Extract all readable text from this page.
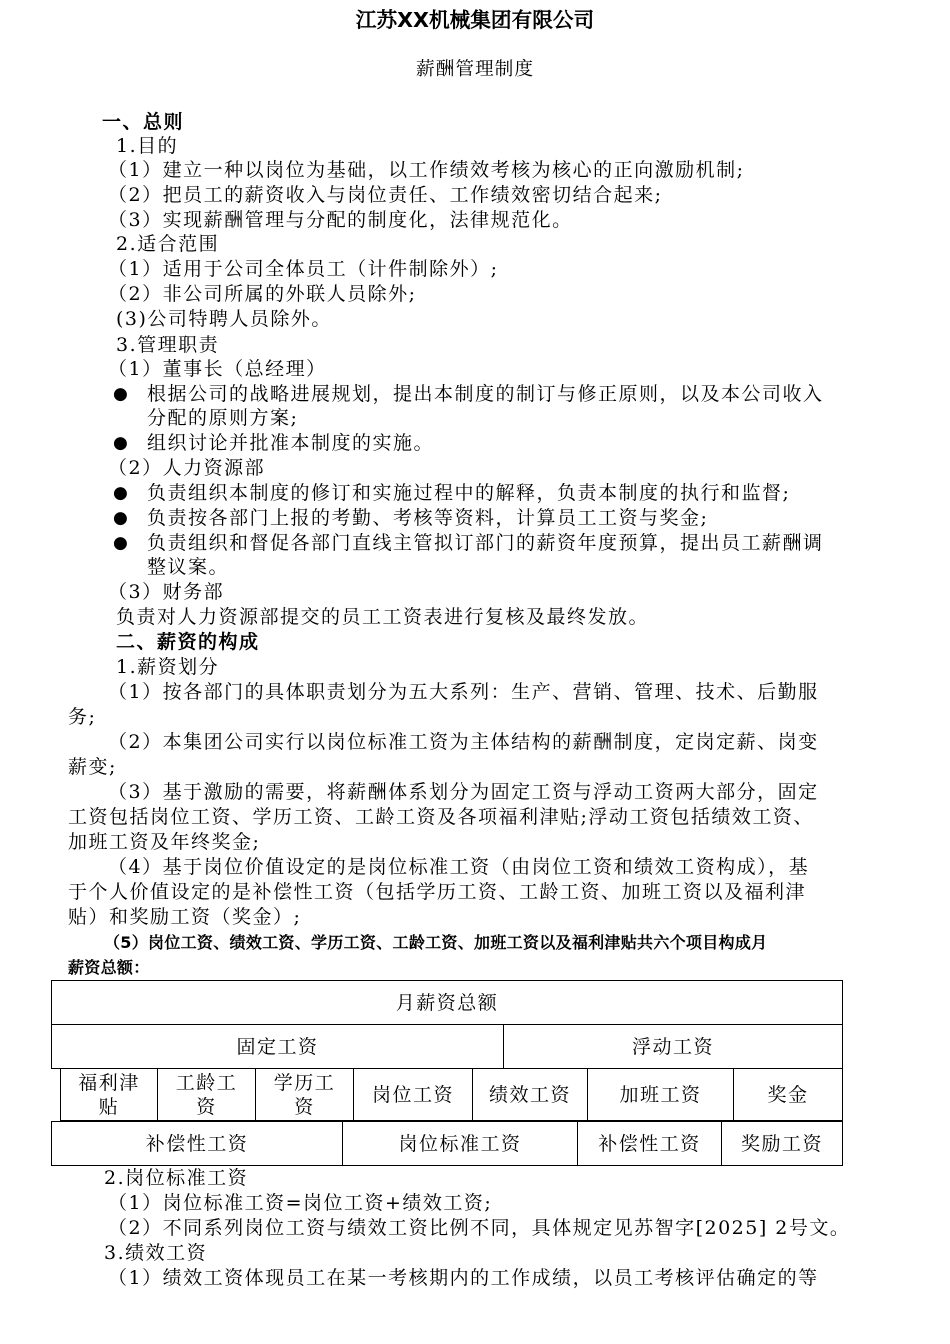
江苏XX机械集团有限公司
薪酬管理制度
一、总则
1.目的
（1）建立一种以岗位为基础，以工作绩效考核为核心的正向激励机制;
（2）把员工的薪资收入与岗位责任、工作绩效密切结合起来;
（3）实现薪酬管理与分配的制度化，法律规范化。
2.适合范围
（1）适用于公司全体员工（计件制除外）;
（2）非公司所属的外联人员除外;
(3)公司特聘人员除外。
3.管理职责
（1）董事长（总经理）
● 根据公司的战略进展规划，提出本制度的制订与修正原则，以及本公司收入
分配的原则方案;
● 组织讨论并批准本制度的实施。
（2）人力资源部
● 负责组织本制度的修订和实施过程中的解释，负责本制度的执行和监督;
● 负责按各部门上报的考勤、考核等资料，计算员工工资与奖金;
● 负责组织和督促各部门直线主管拟订部门的薪资年度预算，提出员工薪酬调
整议案。
（3）财务部
负责对人力资源部提交的员工工资表进行复核及最终发放。
二、薪资的构成
1.薪资划分
（1）按各部门的具体职责划分为五大系列：生产、营销、管理、技术、后勤服
务;
（2）本集团公司实行以岗位标准工资为主体结构的薪酬制度，定岗定薪、岗变
薪变;
（3）基于激励的需要，将薪酬体系划分为固定工资与浮动工资两大部分，固定
工资包括岗位工资、学历工资、工龄工资及各项福利津贴;浮动工资包括绩效工资、
加班工资及年终奖金;
（4）基于岗位价值设定的是岗位标准工资（由岗位工资和绩效工资构成），基
于个人价值设定的是补偿性工资（包括学历工资、工龄工资、加班工资以及福利津
贴）和奖励工资（奖金）;
（5）岗位工资、绩效工资、学历工资、工龄工资、加班工资以及福利津贴共六个项目构成月
薪资总额：
月薪资总额
固定工资	浮动工资
福利津
贴	工龄工
资	学历工
资	岗位工资	绩效工资	加班工资	奖金
补偿性工资	岗位标准工资	补偿性工资	奖励工资
2.岗位标准工资
（1）岗位标准工资=岗位工资+绩效工资;
（2）不同系列岗位工资与绩效工资比例不同，具体规定见苏智字[2025] 2号文。
3.绩效工资
（1）绩效工资体现员工在某一考核期内的工作成绩，以员工考核评估确定的等
